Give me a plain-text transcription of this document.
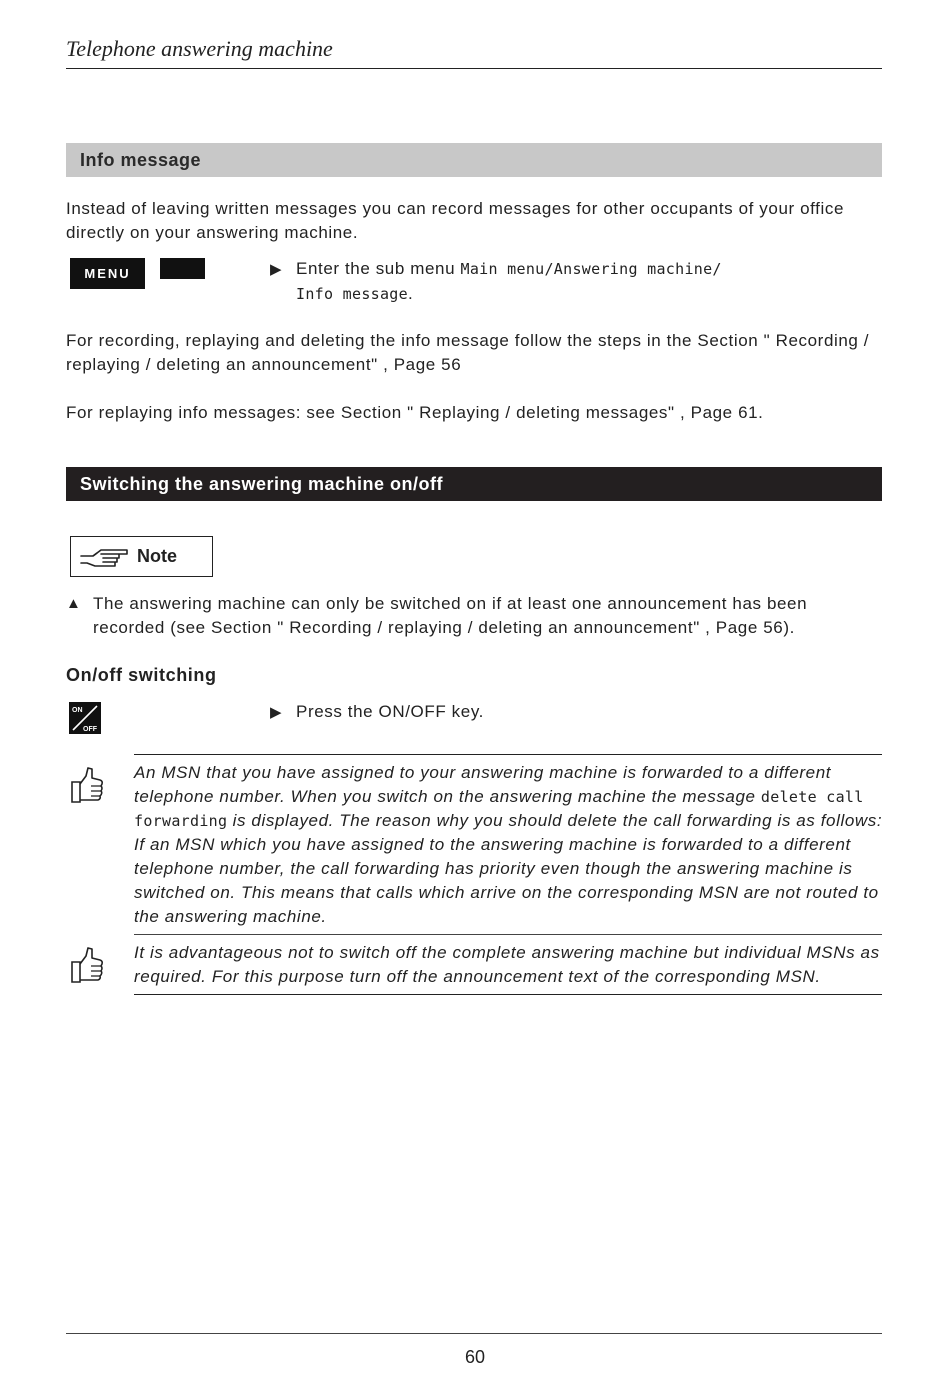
Telephone answering machine
Info message
Instead of leaving written messages you can record messages for other occupants of your office directly on your answering machine.
MENU	▶ Enter the sub menu Main menu/Answering machine/
Info message.
For recording, replaying and deleting the info message follow the steps in the Section " Recording / replaying / deleting an announcement" , Page 56
For replaying info messages: see Section " Replaying / deleting messages" , Page 61.
Switching the answering machine on/off
Note
▲ The answering machine can only be switched on if at least one announcement has been recorded (see Section " Recording / replaying / deleting an announcement" , Page 56).
On/off switching
ON
OFF
▶ Press the ON/OFF key.
An MSN that you have assigned to your answering machine is forwarded to a different telephone number. When you switch on the answering machine the message delete call forwarding is displayed. The reason why you should delete the call forwarding is as follows: If an MSN which you have assigned to the answering machine is forwarded to a different telephone number, the call forwarding has priority even though the answering machine is switched on. This means that calls which arrive on the corresponding MSN are not routed to the answering machine.
It is advantageous not to switch off the complete answering machine but individual MSNs as required. For this purpose turn off the announcement text of the corresponding MSN.
60
